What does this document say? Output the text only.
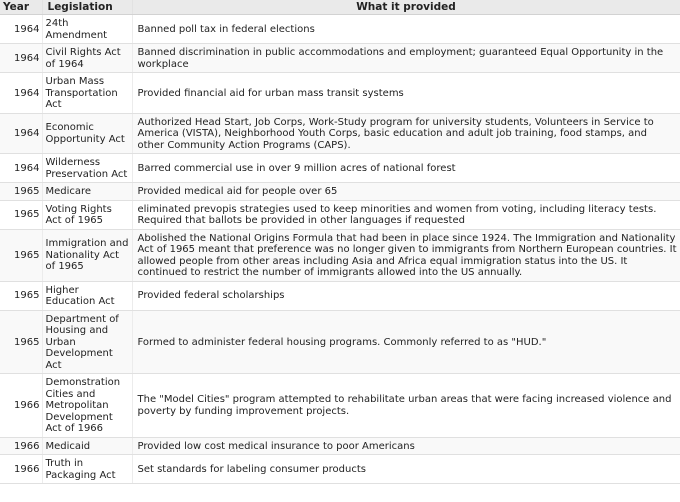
Year	Legislation	What it provided
1964	24th Amendment	Banned poll tax in federal elections
1964	Civil Rights Act of 1964	Banned discrimination in public accommodations and employment; guaranteed Equal Opportunity in the workplace
1964	Urban Mass Transportation Act	Provided financial aid for urban mass transit systems
1964	Economic Opportunity Act	Authorized Head Start, Job Corps, Work-Study program for university students, Volunteers in Service to America (VISTA), Neighborhood Youth Corps, basic education and adult job training, food stamps, and other Community Action Programs (CAPS).
1964	Wilderness Preservation Act	Barred commercial use in over 9 million acres of national forest
1965	Medicare	Provided medical aid for people over 65
1965	Voting Rights Act of 1965	eliminated prevopis strategies used to keep minorities and women from voting, including literacy tests. Required that ballots be provided in other languages if requested
1965	Immigration and Nationality Act of 1965	Abolished the National Origins Formula that had been in place since 1924. The Immigration and Nationality Act of 1965 meant that preference was no longer given to immigrants from Northern European countries. It allowed people from other areas including Asia and Africa equal immigration status into the US. It continued to restrict the number of immigrants allowed into the US annually.
1965	Higher Education Act	Provided federal scholarships
1965	Department of Housing and Urban Development Act	Formed to administer federal housing programs. Commonly referred to as "HUD."
1966	Demonstration Cities and Metropolitan Development Act of 1966	The "Model Cities" program attempted to rehabilitate urban areas that were facing increased violence and poverty by funding improvement projects.
1966	Medicaid	Provided low cost medical insurance to poor Americans
1966	Truth in Packaging Act	Set standards for labeling consumer products
